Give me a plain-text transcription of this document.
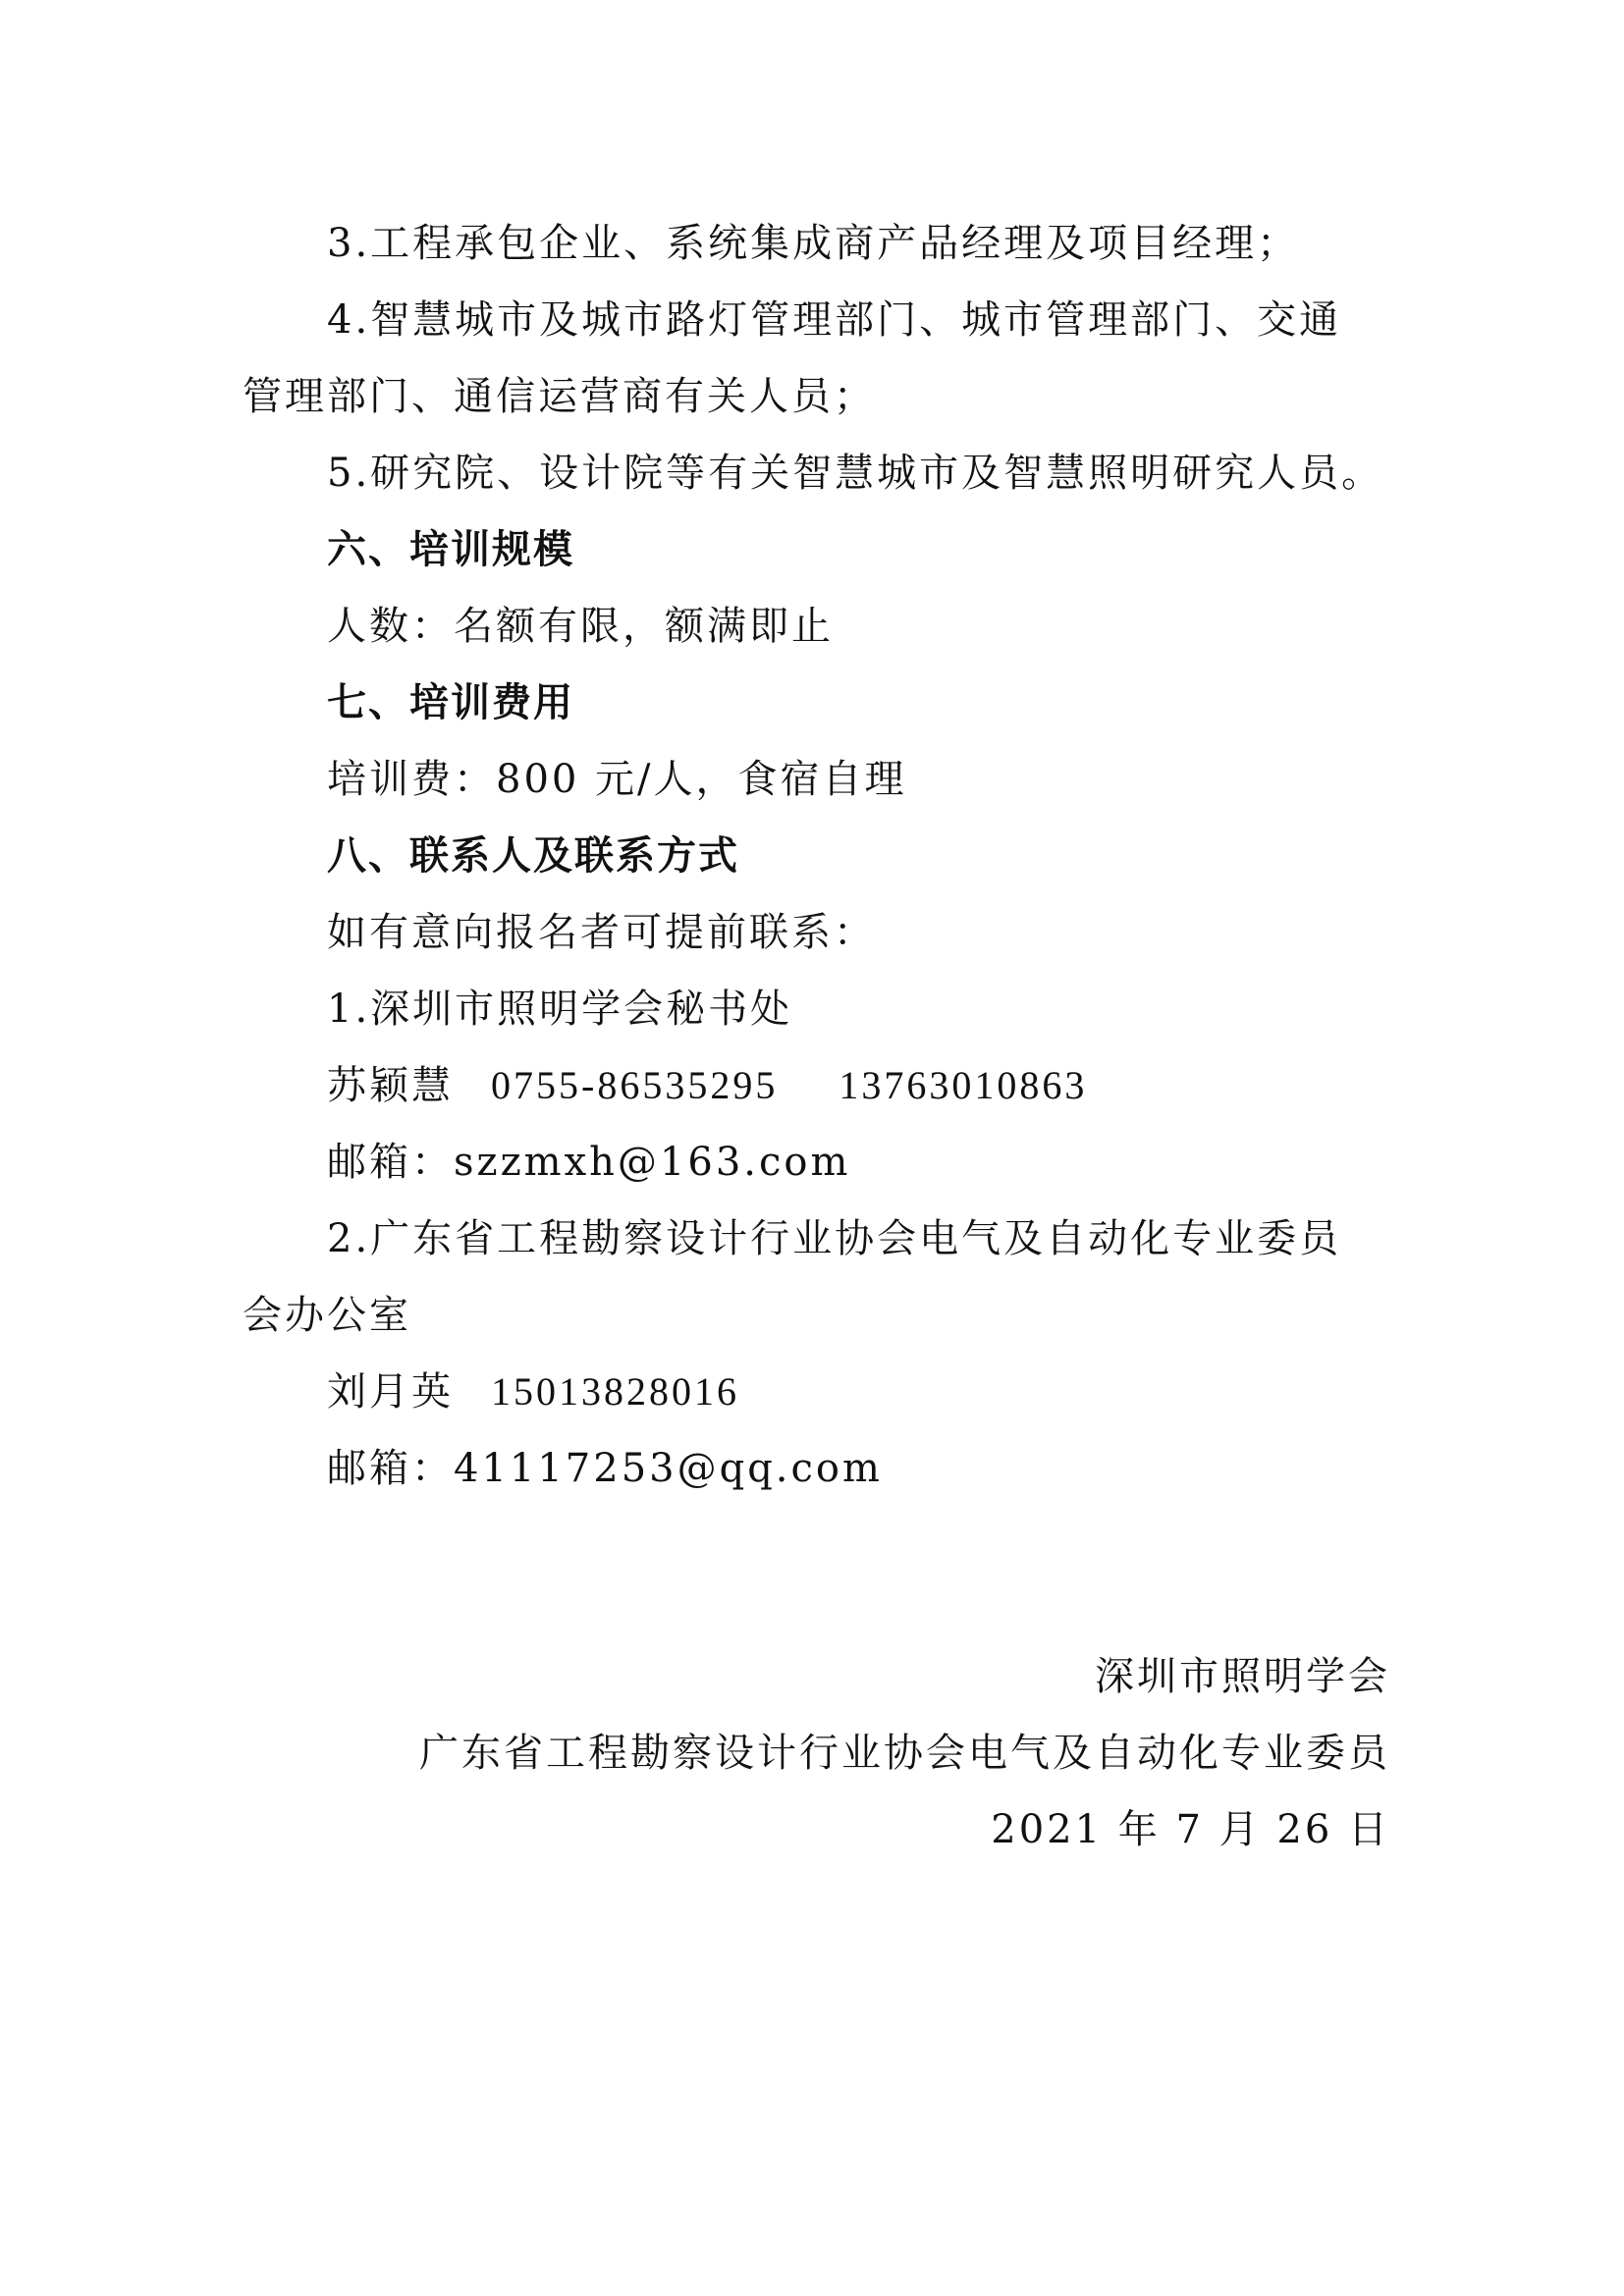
3.工程承包企业、系统集成商产品经理及项目经理；
4.智慧城市及城市路灯管理部门、城市管理部门、交通
管理部门、通信运营商有关人员；
5.研究院、设计院等有关智慧城市及智慧照明研究人员。
六、培训规模
人数：名额有限，额满即止
七、培训费用
培训费：800 元/人，食宿自理
八、联系人及联系方式
如有意向报名者可提前联系：
1.深圳市照明学会秘书处
苏颖慧 0755-86535295 13763010863
邮箱：szzmxh@163.com
2.广东省工程勘察设计行业协会电气及自动化专业委员
会办公室
刘月英 15013828016
邮箱：41117253@qq.com
深圳市照明学会
广东省工程勘察设计行业协会电气及自动化专业委员
2021 年 7 月 26 日
